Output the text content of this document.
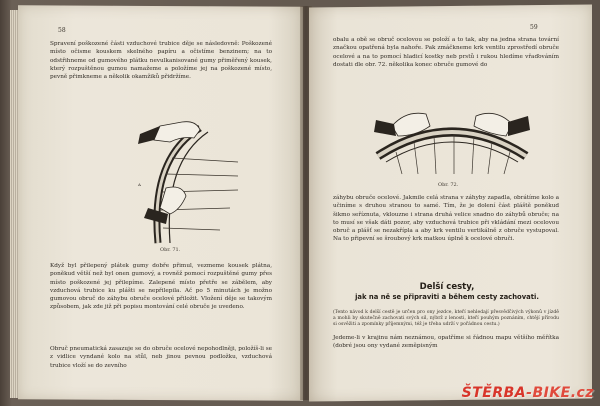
58

Spravení poškozené části vzduchové trubice děje se následovně: Poškozené místo očisme kouskem skelného papíru a očistíme benzinem; na to odstřihneme od gumového plátku nevulkanisované gumy přiměřený kousek, který rozpuštěnou gumou namažeme a položíme jej na poškozené místo, pevně přimkneme a několik okamžiků přidržíme.

A
Obr. 71.

Když byl přilepený plátek gumy dobře přimul, vezmeme kousek plátna, poněkud větší než byl onen gumový, a rovněž pomocí rozpuštěné gumy přes místo poškozené jej přilepíme. Zalepené místo přetře se zábělem, aby vzduchová trubice ku plášti se nepřilepila. Ač po 5 minutách je možno gumovou obruč do záhybu obruče ocelové přiložit. Vložení děje se takovým způsobem, jak zde již při popisu montování celé obruče je uvedeno.

Obruč pneumatická zasazuje se do obruče ocelové nepohodlněji, položíš-li se z vidlice vyndané kolo na stůl, neb jinou pevnou podložku, vzduchová trubice vloží se do zevního

59

obalu a obě se obruč ocelovou se položí a to tak, aby na jedna strana tovární značkou opatřená byla nahoře. Pak zmáčkneme krk ventilu zprostředí obruče ocelové a na to pomocí hladicí kostky neb prstů i rukou hledíme vřaďováním dostati dle obr. 72. několika konec obruče gumové do

Obr. 72.

záhybu obruče ocelové. Jakmile celá strana v záhyby zapadla, obrátíme kolo a učiníme s druhou stranou to samé. Tím, že je dolení část pláště poněkud šikmo seříznuta, vklouzne i strana druhá velice snadno do záhybů obruče; na to musí se však dáti pozor, aby vzduchová trubice při vkládání mezi ocelovou obruč a plášť se nezakřípla a aby krk ventilu vertikálně z obruče vystupoval. Na to připevní se šroubový krk matkou úplně k ocelové obruči.

Delší cesty,
jak na ně se připraviti a během cesty zachovati.

(Tento návod k delší cestě je určen pro ony jezdce, kteří nehledají přesvědčivých výkonů v jízdě a mohli by skutečně zachovati svých sil, nýbrž z lenosti, kteří pouhým poznáním, chtějí přírodu si osvěžiti a zpomínky příjemnými, též je třeba udrží v pořádnou cestu.)

Jedeme-li v krajinu nám neznámou, opatříme si řádnou mapu většího měřítka (dobré jsou ony vydané zeměpisným

ŠTĚRBA-BIKE.cz
